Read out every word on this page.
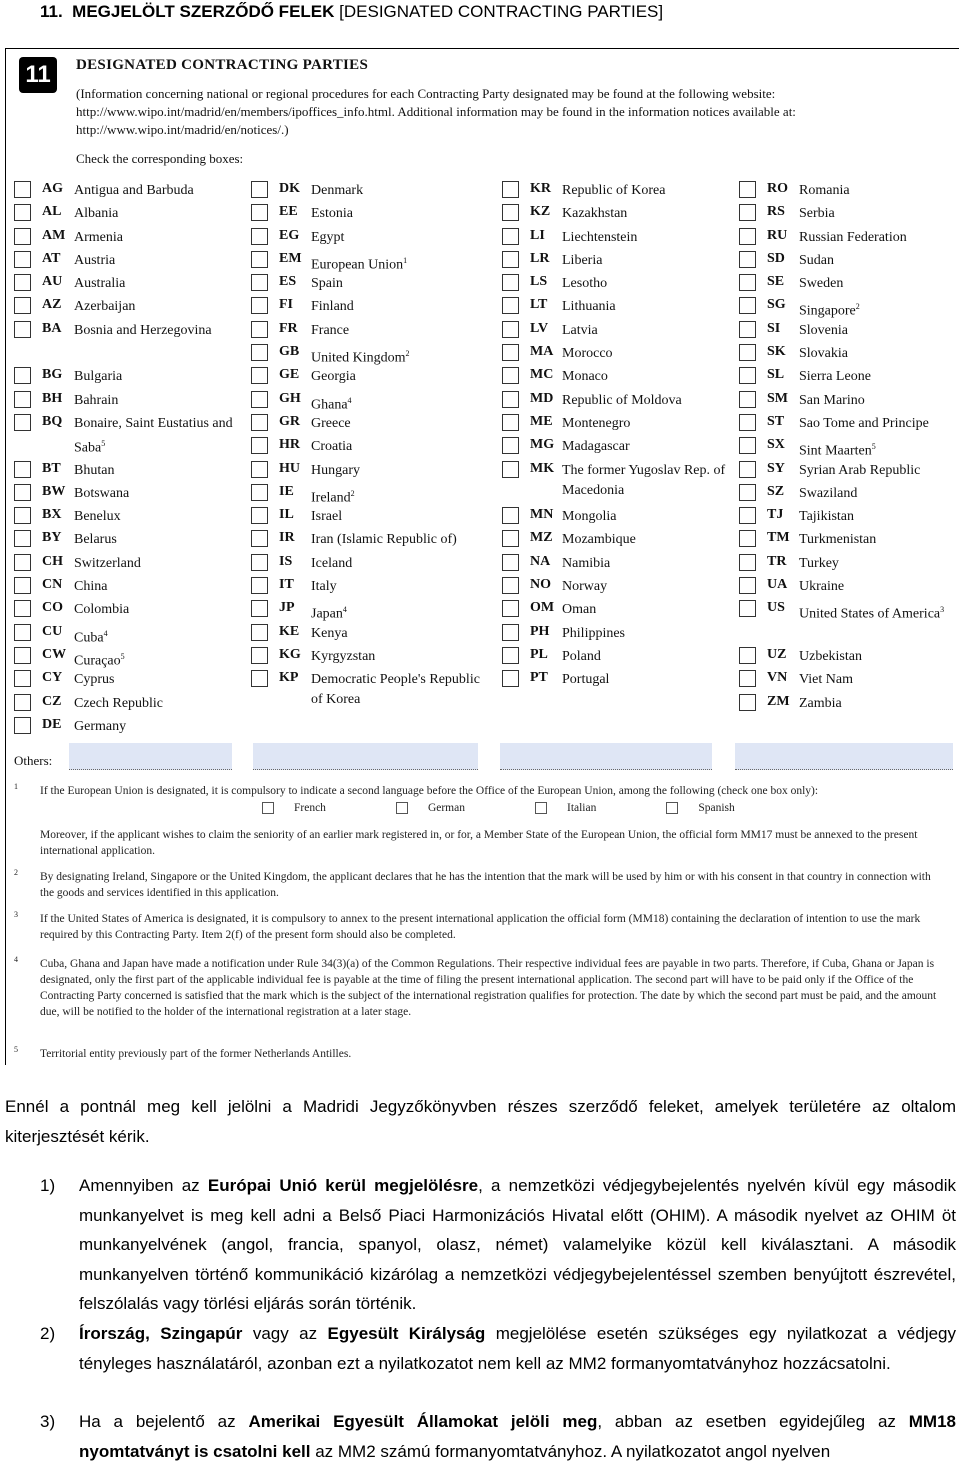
11. MEGJELÖLT SZERZŐDŐ FELEK [DESIGNATED CONTRACTING PARTIES]
11	DESIGNATED CONTRACTING PARTIES
(Information concerning national or regional procedures for each Contracting Party designated may be found at the following website: http://www.wipo.int/madrid/en/members/ipoffices_info.html. Additional information may be found in the information notices available at: http://www.wipo.int/madrid/en/notices/.)
Check the corresponding boxes:
AG Antigua and Barbuda
AL Albania
AM Armenia
AT Austria
AU Australia
AZ Azerbaijan
BA Bosnia and Herzegovina
BG Bulgaria
BH Bahrain
BQ Bonaire, Saint Eustatius and Saba$^5$
BT Bhutan
BW Botswana
BX Benelux
BY Belarus
CH Switzerland
CN China
CO Colombia
CU Cuba$^4$
CW Curaçao$^5$
CY Cyprus
CZ Czech Republic
DE Germany
DK Denmark
EE Estonia
EG Egypt
EM European Union$^1$
ES Spain
FI Finland
FR France
GB United Kingdom$^2$
GE Georgia
GH Ghana$^4$
GR Greece
HR Croatia
HU Hungary
IE Ireland$^2$
IL Israel
IR Iran (Islamic Republic of)
IS Iceland
IT Italy
JP Japan$^4$
KE Kenya
KG Kyrgyzstan
KP Democratic People's Republic of Korea
KR Republic of Korea
KZ Kazakhstan
LI Liechtenstein
LR Liberia
LS Lesotho
LT Lithuania
LV Latvia
MA Morocco
MC Monaco
MD Republic of Moldova
ME Montenegro
MG Madagascar
MK The former Yugoslav Rep. of Macedonia
MN Mongolia
MZ Mozambique
NA Namibia
NO Norway
OM Oman
PH Philippines
PL Poland
PT Portugal
RO Romania
RS Serbia
RU Russian Federation
SD Sudan
SE Sweden
SG Singapore$^2$
SI Slovenia
SK Slovakia
SL Sierra Leone
SM San Marino
ST Sao Tome and Principe
SX Sint Maarten$^5$
SY Syrian Arab Republic
SZ Swaziland
TJ Tajikistan
TM Turkmenistan
TR Turkey
UA Ukraine
US United States of America$^3$
UZ Uzbekistan
VN Viet Nam
ZM Zambia
Others:
1 If the European Union is designated, it is compulsory to indicate a second language before the Office of the European Union, among the following (check one box only):
French	German	Italian	Spanish
Moreover, if the applicant wishes to claim the seniority of an earlier mark registered in, or for, a Member State of the European Union, the official form MM17 must be annexed to the present international application.
2 By designating Ireland, Singapore or the United Kingdom, the applicant declares that he has the intention that the mark will be used by him or with his consent in that country in connection with the goods and services identified in this application.
3 If the United States of America is designated, it is compulsory to annex to the present international application the official form (MM18) containing the declaration of intention to use the mark required by this Contracting Party. Item 2(f) of the present form should also be completed.
4 Cuba, Ghana and Japan have made a notification under Rule 34(3)(a) of the Common Regulations. Their respective individual fees are payable in two parts. Therefore, if Cuba, Ghana or Japan is designated, only the first part of the applicable individual fee is payable at the time of filing the present international application. The second part will have to be paid only if the Office of the Contracting Party concerned is satisfied that the mark which is the subject of the international registration qualifies for protection. The date by which the second part must be paid, and the amount due, will be notified to the holder of the international registration at a later stage.
5 Territorial entity previously part of the former Netherlands Antilles.
Ennél a pontnál meg kell jelölni a Madridi Jegyzőkönyvben részes szerződő feleket, amelyek területére az oltalom kiterjesztését kérik.
1) Amennyiben az Európai Unió kerül megjelölésre, a nemzetközi védjegybejelentés nyelvén kívül egy második munkanyelvet is meg kell adni a Belső Piaci Harmonizációs Hivatal előtt (OHIM). A második nyelvet az OHIM öt munkanyelvének (angol, francia, spanyol, olasz, német) valamelyike közül kell kiválasztani. A második munkanyelven történő kommunikáció kizárólag a nemzetközi védjegybejelentéssel szemben benyújtott észrevétel, felszólalás vagy törlési eljárás során történik.
2) Írország, Szingapúr vagy az Egyesült Királyság megjelölése esetén szükséges egy nyilatkozat a védjegy tényleges használatáról, azonban ezt a nyilatkozatot nem kell az MM2 formanyomtatványhoz hozzácsatolni.
3) Ha a bejelentő az Amerikai Egyesült Államokat jelöli meg, abban az esetben egyidejűleg az MM18 nyomtatványt is csatolni kell az MM2 számú formanyomtatványhoz. A nyilatkozatot angol nyelven
